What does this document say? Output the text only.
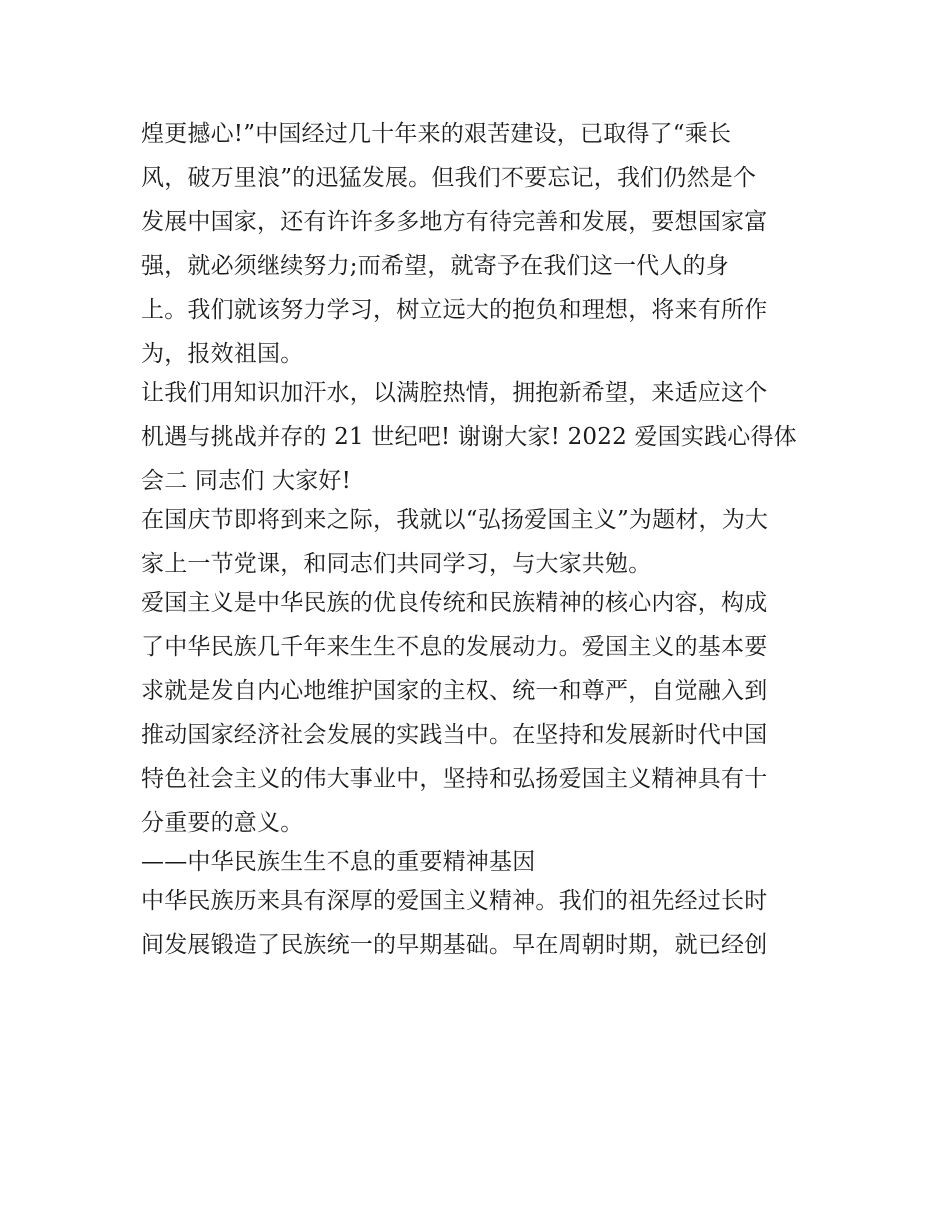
煌更撼心!”中国经过几十年来的艰苦建设，已取得了“乘长
风，破万里浪”的迅猛发展。但我们不要忘记，我们仍然是个
发展中国家，还有许许多多地方有待完善和发展，要想国家富
强，就必须继续努力;而希望，就寄予在我们这一代人的身
上。我们就该努力学习，树立远大的抱负和理想，将来有所作
为，报效祖国。
让我们用知识加汗水，以满腔热情，拥抱新希望，来适应这个
机遇与挑战并存的 21 世纪吧! 谢谢大家! 2022 爱国实践心得体
会二 同志们 大家好!
在国庆节即将到来之际，我就以“弘扬爱国主义”为题材，为大
家上一节党课，和同志们共同学习，与大家共勉。
爱国主义是中华民族的优良传统和民族精神的核心内容，构成
了中华民族几千年来生生不息的发展动力。爱国主义的基本要
求就是发自内心地维护国家的主权、统一和尊严，自觉融入到
推动国家经济社会发展的实践当中。在坚持和发展新时代中国
特色社会主义的伟大事业中，坚持和弘扬爱国主义精神具有十
分重要的意义。
——中华民族生生不息的重要精神基因
中华民族历来具有深厚的爱国主义精神。我们的祖先经过长时
间发展锻造了民族统一的早期基础。早在周朝时期，就已经创
